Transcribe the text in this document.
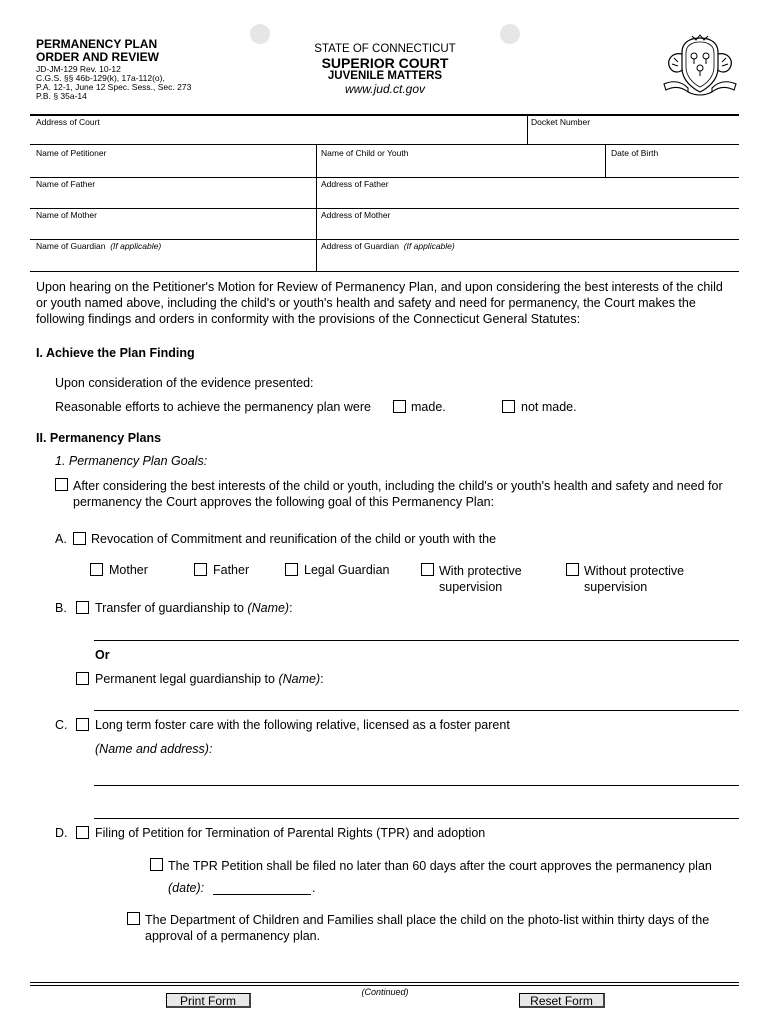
PERMANENCY PLAN
ORDER AND REVIEW
JD-JM-129 Rev. 10-12
C.G.S. §§ 46b-129(k), 17a-112(o),
P.A. 12-1, June 12 Spec. Sess., Sec. 273
P.B. § 35a-14
STATE OF CONNECTICUT
SUPERIOR COURT
JUVENILE MATTERS
www.jud.ct.gov
Address of Court	Docket Number
Name of Petitioner	Name of Child or Youth	Date of Birth
Name of Father	Address of Father
Name of Mother	Address of Mother
Name of Guardian (If applicable)	Address of Guardian (If applicable)
Upon hearing on the Petitioner's Motion for Review of Permanency Plan, and upon considering the best interests of the child
or youth named above, including the child's or youth's health and safety and need for permanency, the Court makes the
following findings and orders in conformity with the provisions of the Connecticut General Statutes:
I. Achieve the Plan Finding
Upon consideration of the evidence presented:
Reasonable efforts to achieve the permanency plan were	made.	not made.
II. Permanency Plans
1. Permanency Plan Goals:
After considering the best interests of the child or youth, including the child's or youth's health and safety and need for
permanency the Court approves the following goal of this Permanency Plan:
A. Revocation of Commitment and reunification of the child or youth with the
Mother	Father	Legal Guardian	With protective
supervision
Without protective
supervision
B. Transfer of guardianship to (Name):
Or
Permanent legal guardianship to (Name):
C. Long term foster care with the following relative, licensed as a foster parent
(Name and address):
D. Filing of Petition for Termination of Parental Rights (TPR) and adoption
The TPR Petition shall be filed no later than 60 days after the court approves the permanency plan
(date):	.
The Department of Children and Families shall place the child on the photo-list within thirty days of the
approval of a permanency plan.
Print Form
(Continued)
Reset Form
